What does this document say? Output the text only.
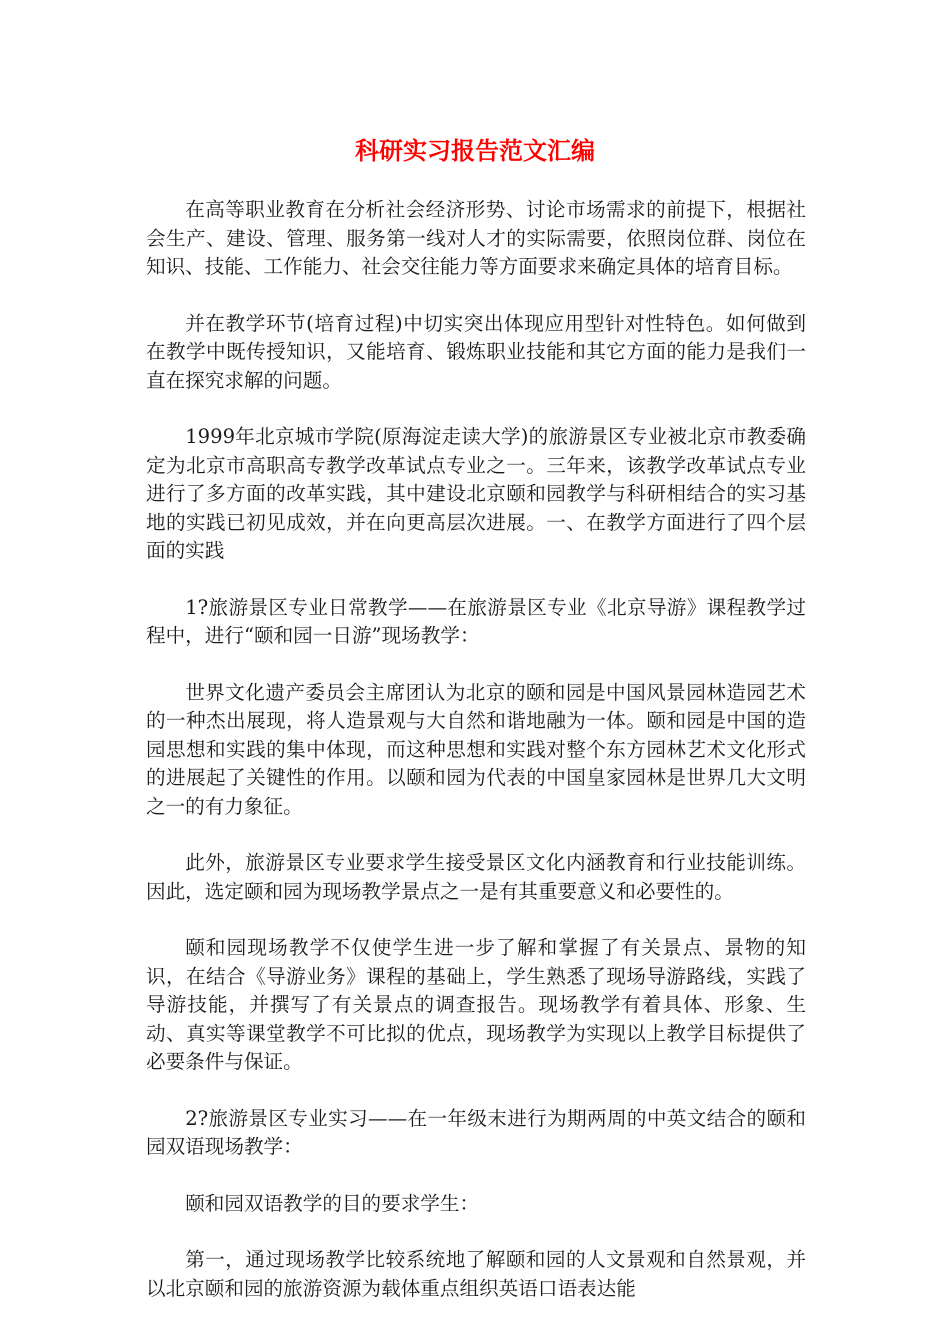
科研实习报告范文汇编

在高等职业教育在分析社会经济形势、讨论市场需求的前提下，根据社会生产、建设、管理、服务第一线对人才的实际需要，依照岗位群、岗位在知识、技能、工作能力、社会交往能力等方面要求来确定具体的培育目标。

并在教学环节(培育过程)中切实突出体现应用型针对性特色。如何做到在教学中既传授知识，又能培育、锻炼职业技能和其它方面的能力是我们一直在探究求解的问题。

1999年北京城市学院(原海淀走读大学)的旅游景区专业被北京市教委确定为北京市高职高专教学改革试点专业之一。三年来，该教学改革试点专业进行了多方面的改革实践，其中建设北京颐和园教学与科研相结合的实习基地的实践已初见成效，并在向更高层次进展。一、在教学方面进行了四个层面的实践

1?旅游景区专业日常教学——在旅游景区专业《北京导游》课程教学过程中，进行“颐和园一日游”现场教学：

世界文化遗产委员会主席团认为北京的颐和园是中国风景园林造园艺术的一种杰出展现，将人造景观与大自然和谐地融为一体。颐和园是中国的造园思想和实践的集中体现，而这种思想和实践对整个东方园林艺术文化形式的进展起了关键性的作用。以颐和园为代表的中国皇家园林是世界几大文明之一的有力象征。

此外，旅游景区专业要求学生接受景区文化内涵教育和行业技能训练。因此，选定颐和园为现场教学景点之一是有其重要意义和必要性的。

颐和园现场教学不仅使学生进一步了解和掌握了有关景点、景物的知识，在结合《导游业务》课程的基础上，学生熟悉了现场导游路线，实践了导游技能，并撰写了有关景点的调查报告。现场教学有着具体、形象、生动、真实等课堂教学不可比拟的优点，现场教学为实现以上教学目标提供了必要条件与保证。

2?旅游景区专业实习——在一年级末进行为期两周的中英文结合的颐和园双语现场教学：

颐和园双语教学的目的要求学生：

第一，通过现场教学比较系统地了解颐和园的人文景观和自然景观，并以北京颐和园的旅游资源为载体重点组织英语口语表达能
